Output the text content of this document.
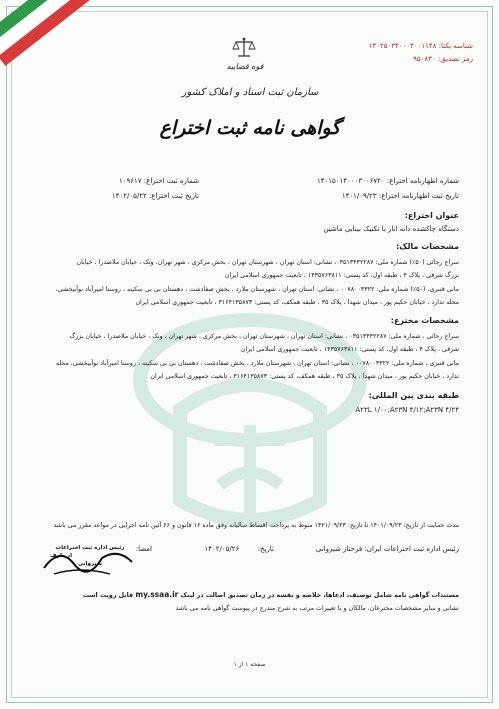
شناسه یکتا: ۱۴۰۲۵۰۳۴۰۰۰۳۰۰۱۱۴۸
رمز تصدیق: ۹۵۰۸۳۰
قوه قضاییه
سازمان ثبت اسناد و املاک کشور
گواهی نامه ثبت اختراع
شماره اظهارنامه اختراع: ۱۴۰۱۵۰۱۴۰۰۰۳۰۰۶۷۲۰
تاریخ ثبت اظهارنامه اختراع: ۱۴۰۱/۰۹/۲۳
شماره ثبت اختراع: ۱۰۹۶۱۷
تاریخ ثبت اختراع: ۱۴۰۲/۰۵/۲۲
عنوان اختراع:
دستگاه چاکشده دانه انار با تکنیک بینایی ماشین
مشخصات مالک:
سراج رجائی (۵۰٪) شماره ملی: ۰۳۵۱۳۴۳۲۲۸۷، نشانی: استان تهران ، شهرستان تهران ، بخش مرکزی ، شهر تهران، ونک ، خیابان ملاصدرا ، خیابان
بزرگ شرقی ، پلاک ۴ ، طبقه اول، کد پستی: ۱۴۳۵۷۶۳۸۱۱ ، تابعیت جمهوری اسلامی ایران
مانی قنبری، (۵۰٪) شماره ملی: ۰۰۷۸۰۰۳۳۲۲ ، نشانی: استان تهران ، شهرستان ملارد ، بخش صفادشت ، دهستان بی بی سکینه ، روستا امیرآباد نوآبیخشی،
محله تدارد ، خیابان حکیم پور ، میدان شهدا ، پلاک ۳۵ ، طبقه همکف، کد پستی: ۳۱۶۴۱۳۵۸۷۳ ، تابعیت جمهوری اسلامی ایران
مشخصات مخترع:
سراج رجائی ، شماره ملی: ۰۳۵۱۳۴۳۲۲۸۷ ، نشانی: استان تهران ، شهرستان تهران ، بخش مرکزی ، شهر تهران ، ونک ، خیابان ملاصدرا ، خیابان بزرگ
شرقی ، پلاک ۴ ، طبقه اول، کد پستی: ۱۴۳۵۷۶۳۸۱۱ ، تابعیت جمهوری اسلامی ایران
مانی قنبری ، شماره ملی: ۰۰۷۸۰۰۳۳۲۲ ، نشانی: استان تهران ، شهرستان ملارد ، بخش صفادشت ، دهستان بی بی سکینه ، روستا امیرآباد نوآبیخشی، محله
تدارد ، خیابان حکیم پور ، میدان شهدا ، پلاک ۳۵ ، طبقه همکف، کد پستی: ۳۱۶۴۱۳۵۸۷۳ ، تابعیت جمهوری اسلامی ایران
طبقه بندی بین المللی:
A۲۳L ۱/۰۰;A۲۳N ۴/۱۲;A۲۳N ۴/۲۴
مدت حمایت از تاریخ: ۱۴۰۱/۰۹/۲۳ تا تاریخ: ۱۴۲۱/۰۹/۲۳ منوط به پرداخت اقساط سالیانه وفق ماده ۱۶ قانون و ۶۶ آئین نامه اجرایی در مواعد مقرر می باشد
رئیس اداره ثبت اختراعات ایران: فرحناز شیروانی
تاریخ:  ۱۴۰۲/۰۵/۲۶
امضا:
رئیس اداره ثبت اختراعات
از طرف
شیروانی
مستندات گواهی نامه شامل توصیف، ادعاها، خلاصه و نقشه در زمان تصدیق اصالت در لینک my.ssaa.ir قابل رویت است
نشانی و سایر مشخصات مخترعان، مالکان و یا تغییرات مرتب به شرح مندرج در پیوست گواهی نامه می باشد
صفحه ۱ از ۱
